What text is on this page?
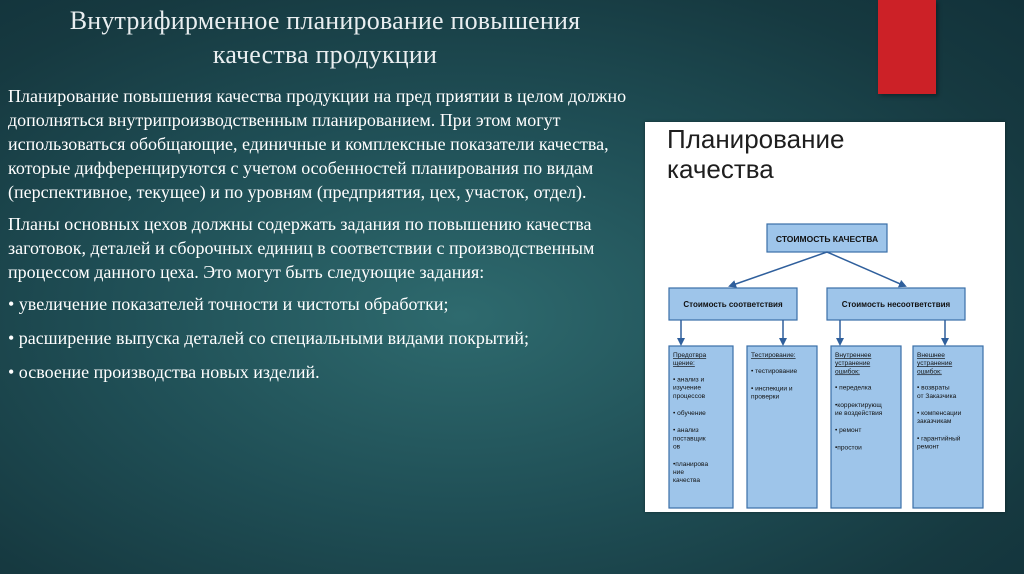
Внутрифирменное планирование повышения
качества продукции

Планирование повышения качества продукции на пред приятии в целом должно дополняться внутрипроизводственным планированием. При этом могут использоваться обобщающие, единичные и комплексные показатели качества, которые дифференцируются с учетом особенностей планирования по видам (перспективное, текущее) и по уровням (предприятия, цех, участок, отдел).

Планы основных цехов должны содержать задания по повышению качества заготовок, деталей и сборочных единиц в соответствии с производственным процессом данного цеха. Это могут быть следующие задания:

• увеличение показателей точности и чистоты обработки;

• расширение выпуска деталей со специальными видами покрытий;

• освоение производства новых изделий.

Планирование
качества
СТОИМОСТЬ КАЧЕСТВА
Стоимость соответствия	Стоимость несоответствия
Предотвра
щение:
• анализ и
изучение
процессов
• обучение
• анализ
поставщик
ов
•планирова
ние
качества
Тестирование:
• тестирование
• инспекции и
проверки
Внутреннее
устранение
ошибок:
• переделка
•корректирующ
ие воздействия
• ремонт
•простои
Внешнее
устранение
ошибок:
• возвраты
от Заказчика
• компенсации
заказчикам
• гарантийный
ремонт
